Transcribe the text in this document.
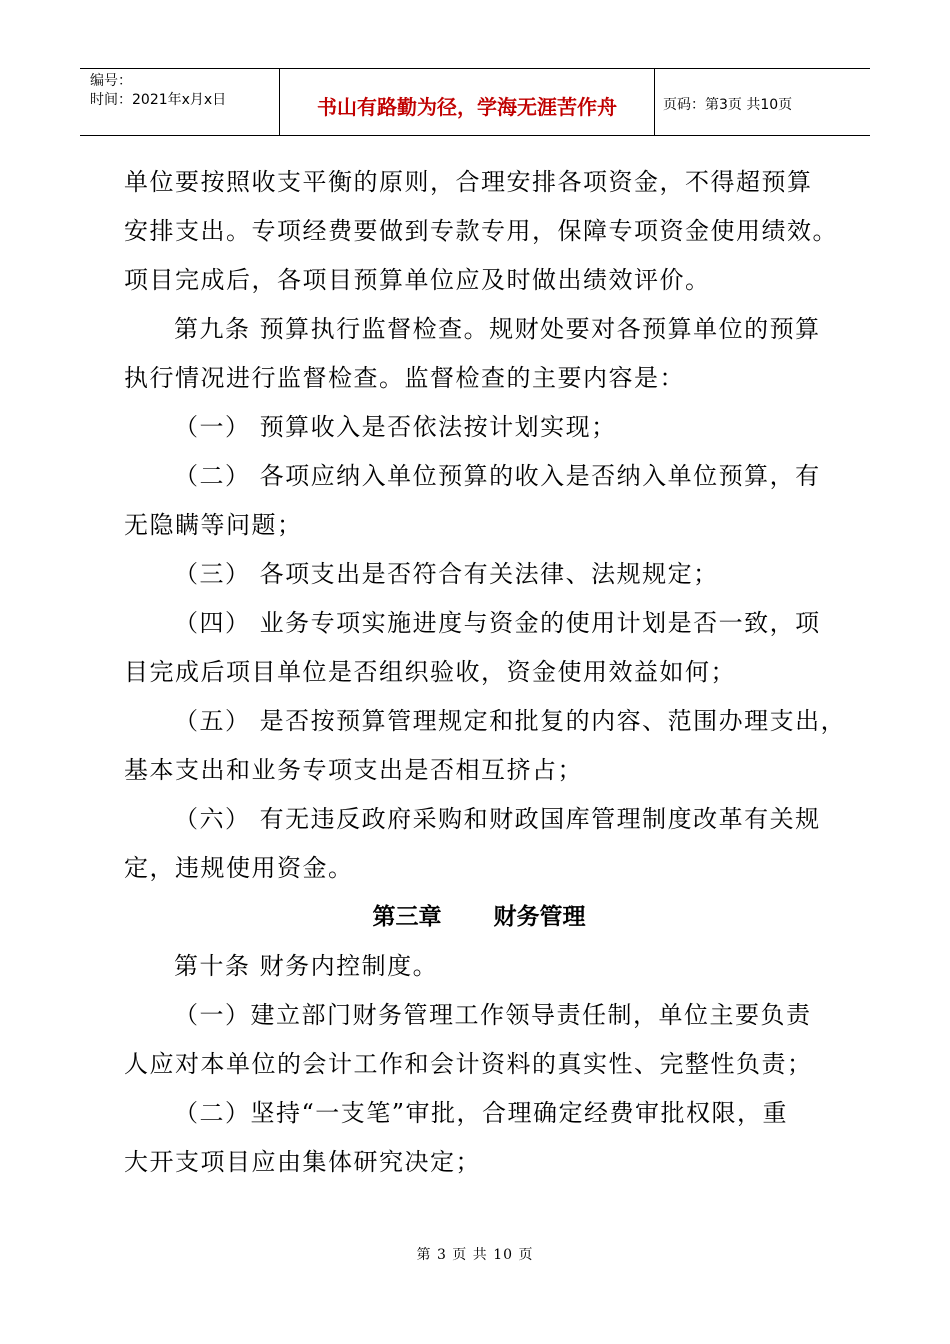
编号：
时间：2021年x月x日	书山有路勤为径，学海无涯苦作舟	页码：第3页 共10页
单位要按照收支平衡的原则，合理安排各项资金，不得超预算
安排支出。专项经费要做到专款专用，保障专项资金使用绩效。
项目完成后，各项目预算单位应及时做出绩效评价。
第九条 预算执行监督检查。规财处要对各预算单位的预算
执行情况进行监督检查。监督检查的主要内容是：
（一） 预算收入是否依法按计划实现；
（二） 各项应纳入单位预算的收入是否纳入单位预算，有
无隐瞒等问题；
（三） 各项支出是否符合有关法律、法规规定；
（四） 业务专项实施进度与资金的使用计划是否一致，项
目完成后项目单位是否组织验收，资金使用效益如何；
（五） 是否按预算管理规定和批复的内容、范围办理支出，
基本支出和业务专项支出是否相互挤占；
（六） 有无违反政府采购和财政国库管理制度改革有关规
定，违规使用资金。
第三章 财务管理
第十条 财务内控制度。
（一）建立部门财务管理工作领导责任制，单位主要负责
人应对本单位的会计工作和会计资料的真实性、完整性负责；
（二）坚持“一支笔”审批，合理确定经费审批权限，重
大开支项目应由集体研究决定；
第 3 页 共 10 页
